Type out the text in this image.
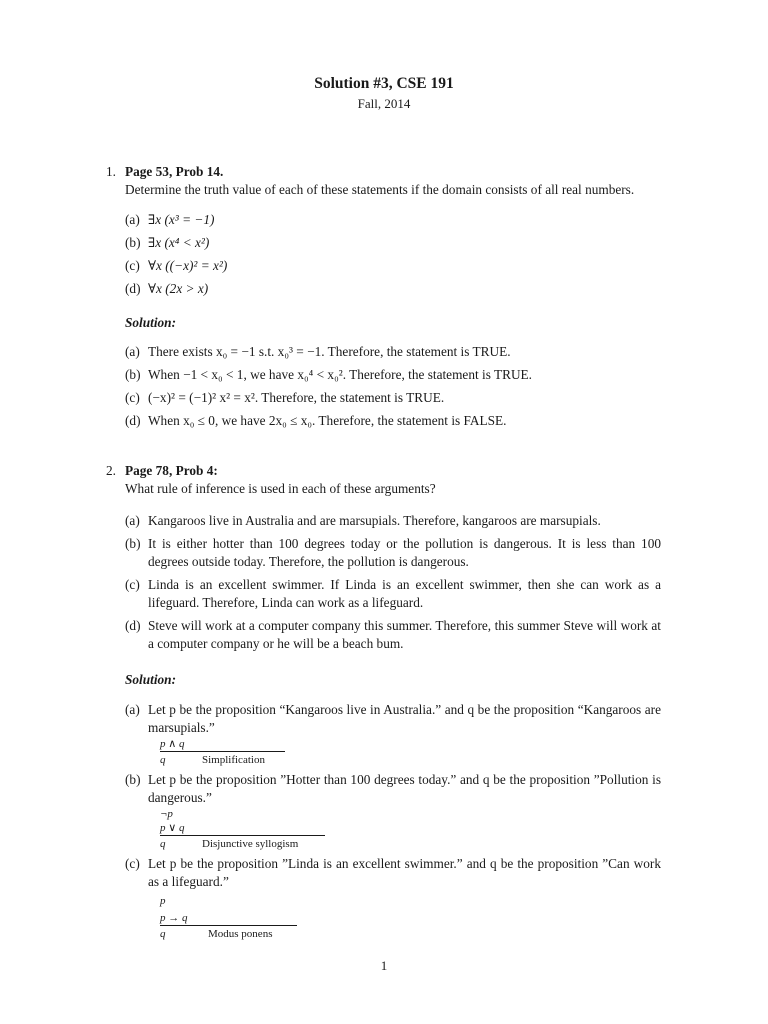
Solution #3, CSE 191
Fall, 2014
1. Page 53, Prob 14.
Determine the truth value of each of these statements if the domain consists of all real numbers.
(a) ∃x (x³ = −1)
(b) ∃x (x⁴ < x²)
(c) ∀x ((−x)² = x²)
(d) ∀x (2x > x)
Solution:
(a) There exists x₀ = −1 s.t. x₀³ = −1. Therefore, the statement is TRUE.
(b) When −1 < x₀ < 1, we have x₀⁴ < x₀². Therefore, the statement is TRUE.
(c) (−x)² = (−1)² x² = x². Therefore, the statement is TRUE.
(d) When x₀ ≤ 0, we have 2x₀ ≤ x₀. Therefore, the statement is FALSE.
2. Page 78, Prob 4:
What rule of inference is used in each of these arguments?
(a) Kangaroos live in Australia and are marsupials. Therefore, kangaroos are marsupials.
(b) It is either hotter than 100 degrees today or the pollution is dangerous. It is less than 100 degrees outside today. Therefore, the pollution is dangerous.
(c) Linda is an excellent swimmer. If Linda is an excellent swimmer, then she can work as a lifeguard. Therefore, Linda can work as a lifeguard.
(d) Steve will work at a computer company this summer. Therefore, this summer Steve will work at a computer company or he will be a beach bum.
Solution:
(a) Let p be the proposition “Kangaroos live in Australia.” and q be the proposition “Kangaroos are marsupials.”
p ∧ q
q	Simplification
(b) Let p be the proposition ”Hotter than 100 degrees today.” and q be the proposition ”Pollution is dangerous.”
¬p
p ∨ q
q	Disjunctive syllogism
(c) Let p be the proposition ”Linda is an excellent swimmer.” and q be the proposition ”Can work as a lifeguard.”
p
p → q
q	Modus ponens
1
